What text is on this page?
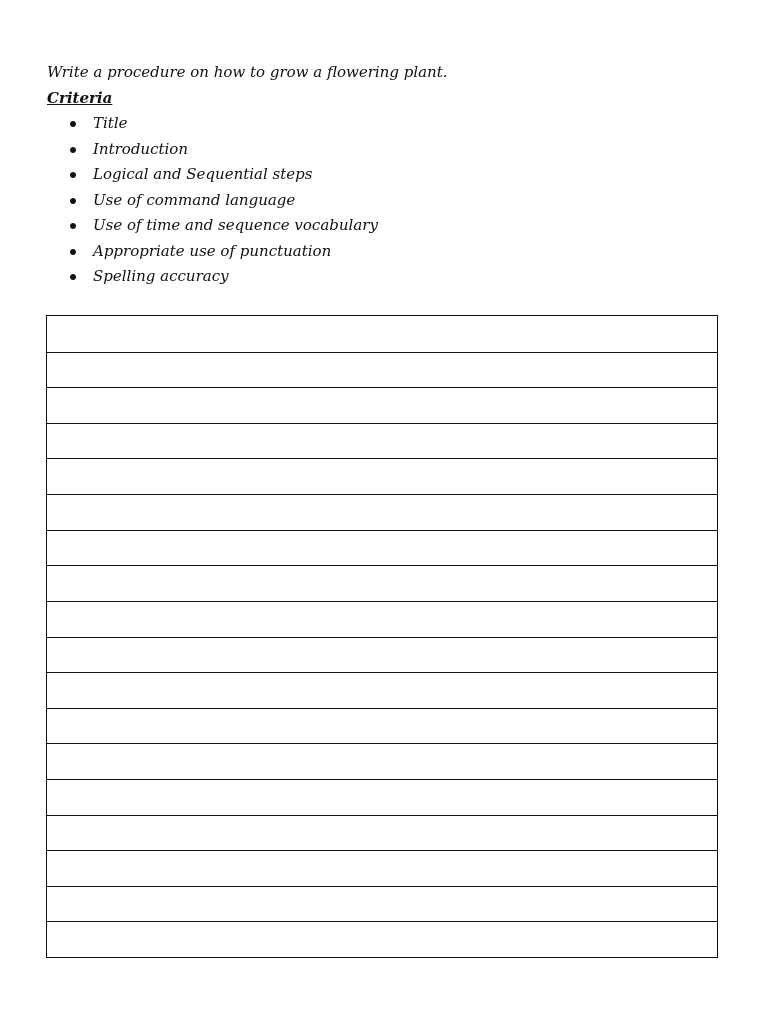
Write a procedure on how to grow a flowering plant.

Criteria

Title
Introduction
Logical and Sequential steps
Use of command language
Use of time and sequence vocabulary
Appropriate use of punctuation
Spelling accuracy
